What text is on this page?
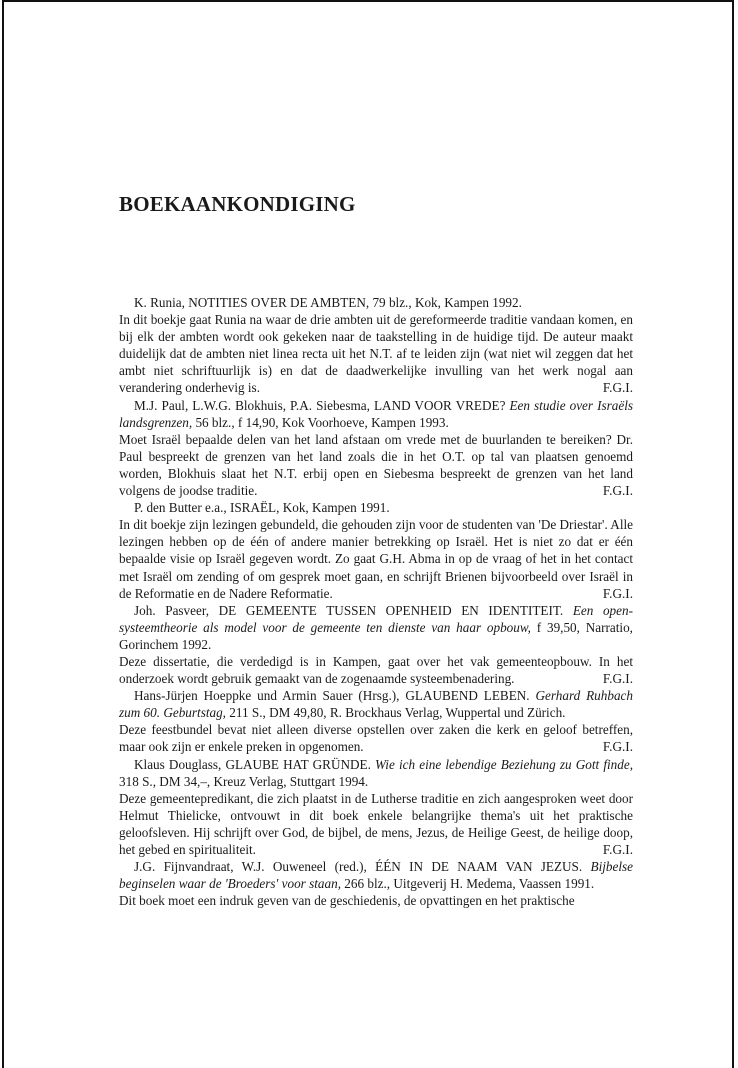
BOEKAANKONDIGING

K. Runia, NOTITIES OVER DE AMBTEN, 79 blz., Kok, Kampen 1992.

In dit boekje gaat Runia na waar de drie ambten uit de gereformeerde traditie vandaan komen, en bij elk der ambten wordt ook gekeken naar de taakstelling in de huidige tijd. De auteur maakt duidelijk dat de ambten niet linea recta uit het N.T. af te leiden zijn (wat niet wil zeggen dat het ambt niet schriftuurlijk is) en dat de daadwerkelijke invulling van het werk nogal aan verandering onderhevig is.	F.G.I.

M.J. Paul, L.W.G. Blokhuis, P.A. Siebesma, LAND VOOR VREDE? Een studie over Israëls landsgrenzen, 56 blz., f 14,90, Kok Voorhoeve, Kampen 1993.

Moet Israël bepaalde delen van het land afstaan om vrede met de buurlanden te bereiken? Dr. Paul bespreekt de grenzen van het land zoals die in het O.T. op tal van plaatsen genoemd worden, Blokhuis slaat het N.T. erbij open en Siebesma bespreekt de grenzen van het land volgens de joodse traditie.	F.G.I.

P. den Butter e.a., ISRAËL, Kok, Kampen 1991.

In dit boekje zijn lezingen gebundeld, die gehouden zijn voor de studenten van 'De Driestar'. Alle lezingen hebben op de één of andere manier betrekking op Israël. Het is niet zo dat er één bepaalde visie op Israël gegeven wordt. Zo gaat G.H. Abma in op de vraag of het in het contact met Israël om zending of om gesprek moet gaan, en schrijft Brienen bijvoorbeeld over Israël in de Reformatie en de Nadere Reformatie.	F.G.I.

Joh. Pasveer, DE GEMEENTE TUSSEN OPENHEID EN IDENTITEIT. Een open-systeemtheorie als model voor de gemeente ten dienste van haar opbouw, f 39,50, Narratio, Gorinchem 1992.

Deze dissertatie, die verdedigd is in Kampen, gaat over het vak gemeenteopbouw. In het onderzoek wordt gebruik gemaakt van de zogenaamde systeembenadering.	F.G.I.

Hans-Jürjen Hoeppke und Armin Sauer (Hrsg.), GLAUBEND LEBEN. Gerhard Ruhbach zum 60. Geburtstag, 211 S., DM 49,80, R. Brockhaus Verlag, Wuppertal und Zürich.

Deze feestbundel bevat niet alleen diverse opstellen over zaken die kerk en geloof betreffen, maar ook zijn er enkele preken in opgenomen.	F.G.I.

Klaus Douglass, GLAUBE HAT GRÜNDE. Wie ich eine lebendige Beziehung zu Gott finde, 318 S., DM 34,–, Kreuz Verlag, Stuttgart 1994.

Deze gemeentepredikant, die zich plaatst in de Lutherse traditie en zich aangesproken weet door Helmut Thielicke, ontvouwt in dit boek enkele belangrijke thema's uit het praktische geloofsleven. Hij schrijft over God, de bijbel, de mens, Jezus, de Heilige Geest, de heilige doop, het gebed en spiritualiteit.	F.G.I.

J.G. Fijnvandraat, W.J. Ouweneel (red.), ÉÉN IN DE NAAM VAN JEZUS. Bijbelse beginselen waar de 'Broeders' voor staan, 266 blz., Uitgeverij H. Medema, Vaassen 1991.

Dit boek moet een indruk geven van de geschiedenis, de opvattingen en het praktische
